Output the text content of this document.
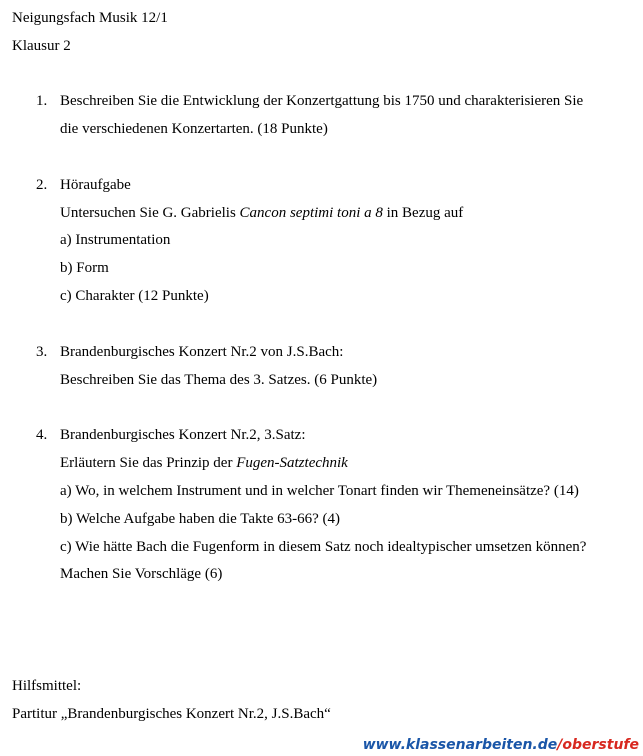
Neigungsfach Musik 12/1
Klausur 2
1. Beschreiben Sie die Entwicklung der Konzertgattung bis 1750 und charakterisieren Sie
die verschiedenen Konzertarten. (18 Punkte)
2. Höraufgabe
Untersuchen Sie G. Gabrielis Cancon septimi toni a 8 in Bezug auf
a) Instrumentation
b) Form
c) Charakter (12 Punkte)
3. Brandenburgisches Konzert Nr.2 von J.S.Bach:
Beschreiben Sie das Thema des 3. Satzes. (6 Punkte)
4. Brandenburgisches Konzert Nr.2, 3.Satz:
Erläutern Sie das Prinzip der Fugen-Satztechnik
a) Wo, in welchem Instrument und in welcher Tonart finden wir Themeneinsätze? (14)
b) Welche Aufgabe haben die Takte 63-66? (4)
c) Wie hätte Bach die Fugenform in diesem Satz noch idealtypischer umsetzen können?
Machen Sie Vorschläge (6)
Hilfsmittel:
Partitur „Brandenburgisches Konzert Nr.2, J.S.Bach“
www.klassenarbeiten.de/oberstufe
